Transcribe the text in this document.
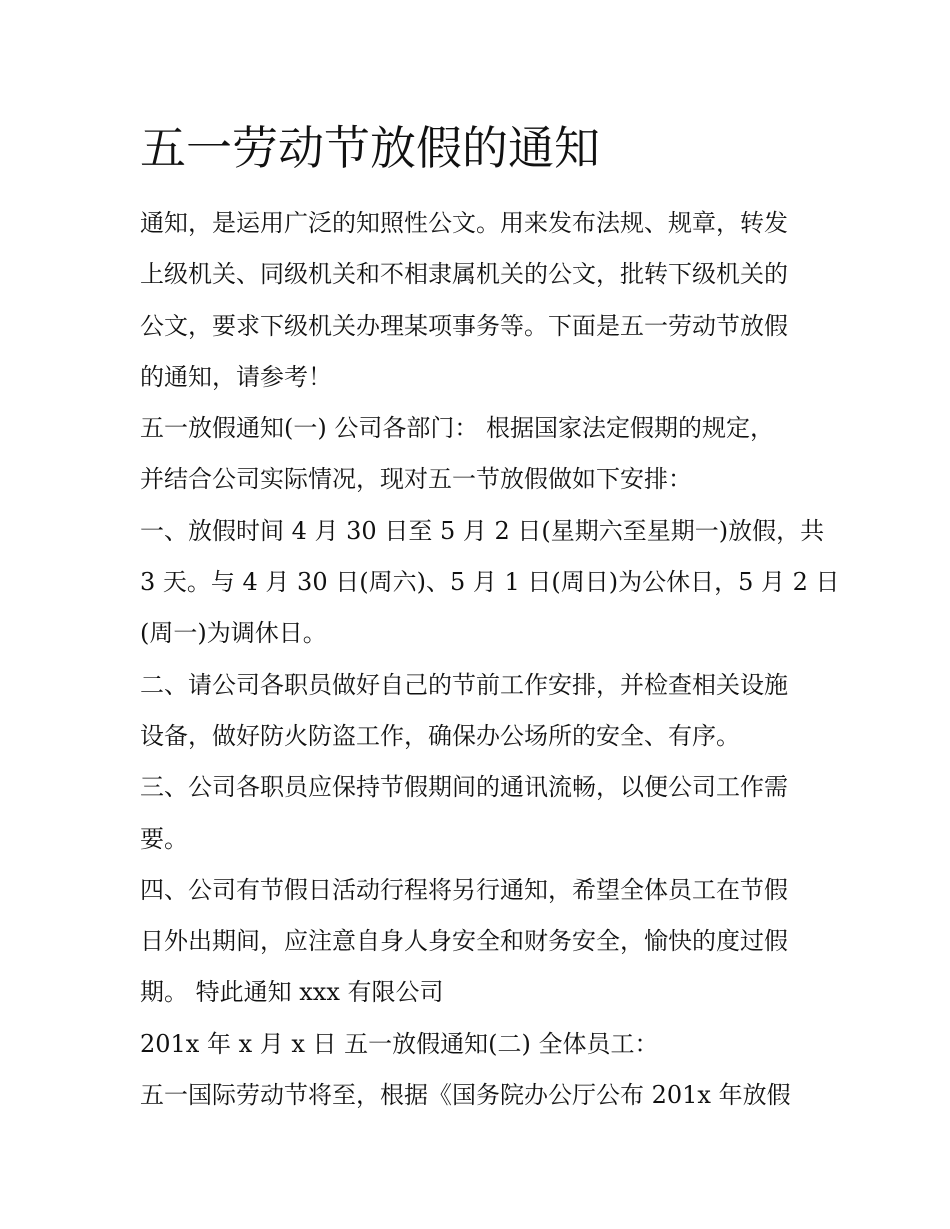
五一劳动节放假的通知
通知，是运用广泛的知照性公文。用来发布法规、规章，转发
上级机关、同级机关和不相隶属机关的公文，批转下级机关的
公文，要求下级机关办理某项事务等。下面是五一劳动节放假
的通知，请参考！
五一放假通知(一) 公司各部门： 根据国家法定假期的规定，
并结合公司实际情况，现对五一节放假做如下安排：
一、放假时间 4 月 30 日至 5 月 2 日(星期六至星期一)放假，共
3 天。与 4 月 30 日(周六)、5 月 1 日(周日)为公休日，5 月 2 日
(周一)为调休日。
二、请公司各职员做好自己的节前工作安排，并检查相关设施
设备，做好防火防盗工作，确保办公场所的安全、有序。
三、公司各职员应保持节假期间的通讯流畅，以便公司工作需
要。
四、公司有节假日活动行程将另行通知，希望全体员工在节假
日外出期间，应注意自身人身安全和财务安全，愉快的度过假
期。 特此通知 xxx 有限公司
201x 年 x 月 x 日 五一放假通知(二) 全体员工：
五一国际劳动节将至，根据《国务院办公厅公布 201x 年放假
